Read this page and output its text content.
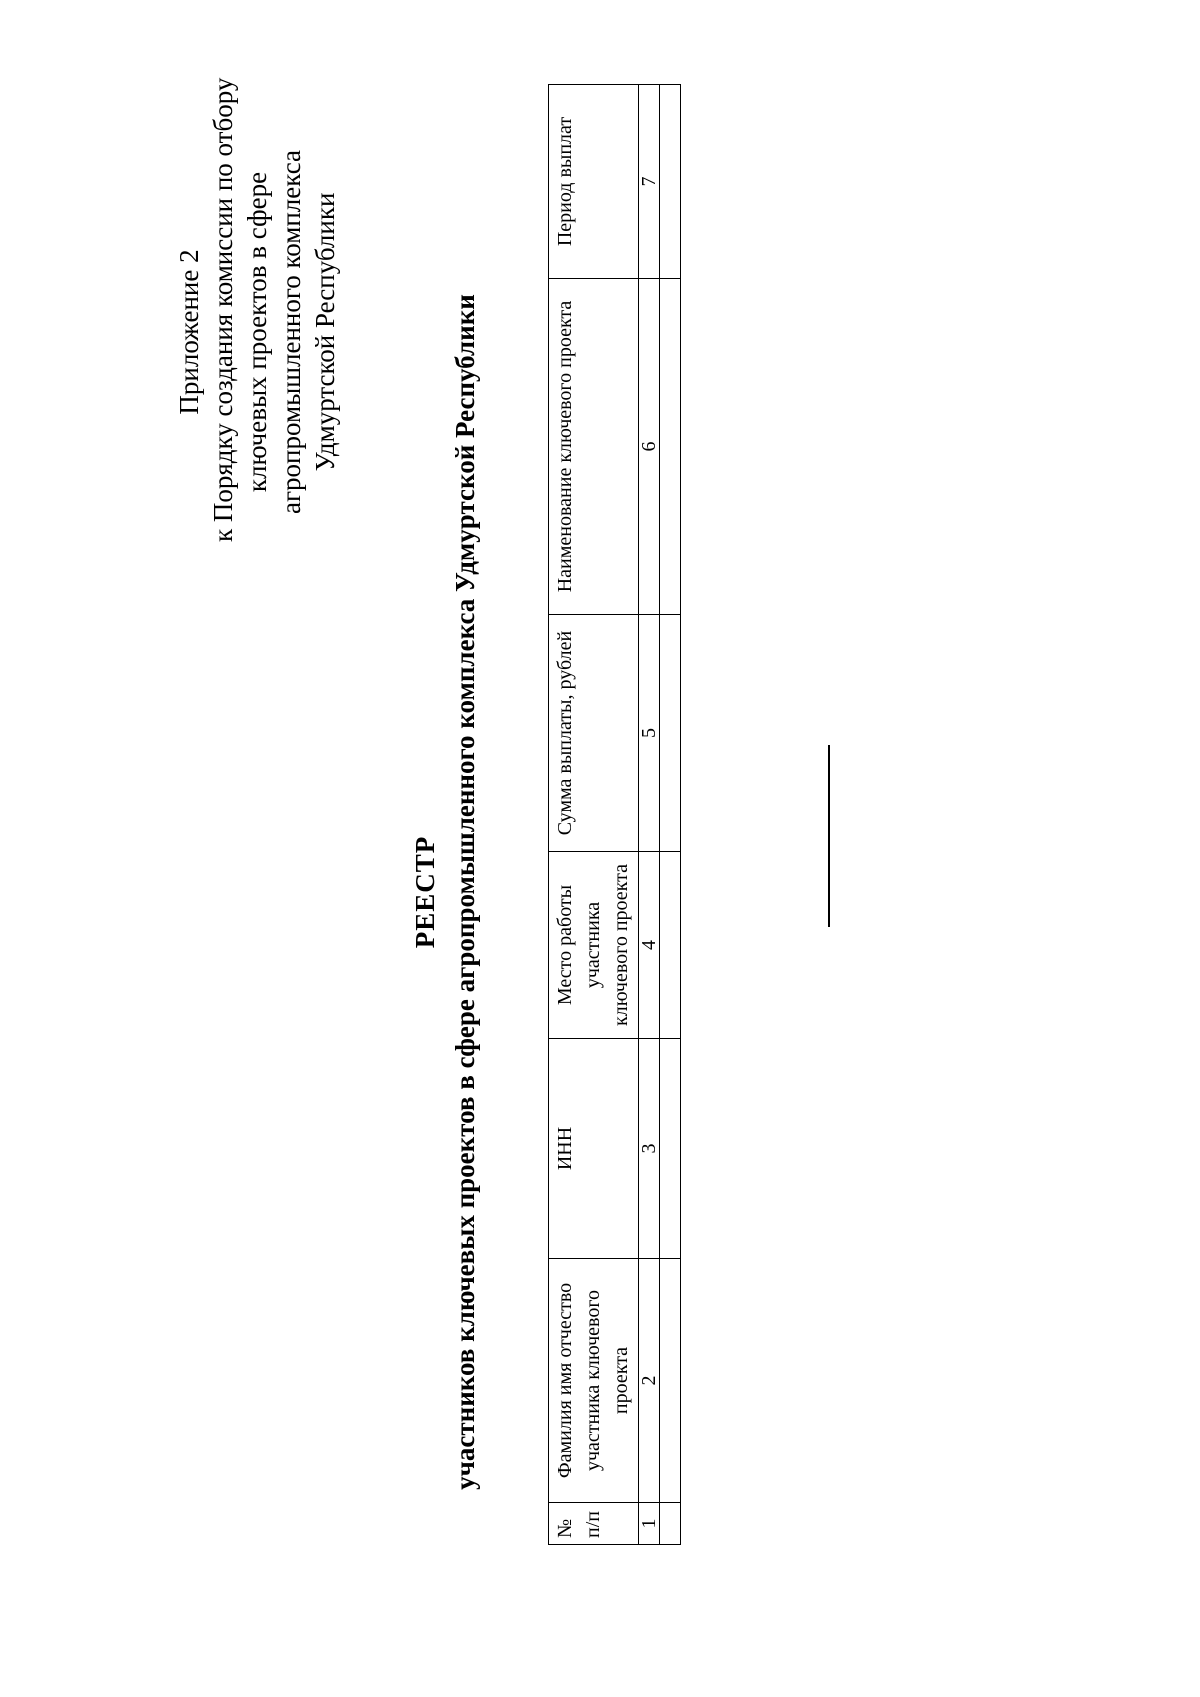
Приложение 2 к Порядку создания комиссии по отбору ключевых проектов в сфере агропромышленного комплекса Удмуртской Республики
РЕЕСТР участников ключевых проектов в сфере агропромышленного комплекса Удмуртской Республики
№ п/п	Фамилия имя отчество участника ключевого проекта	ИНН	Место работы участника ключевого проекта	Сумма выплаты, рублей	Наименование ключевого проекта	Период выплат
1	2	3	4	5	6	7
